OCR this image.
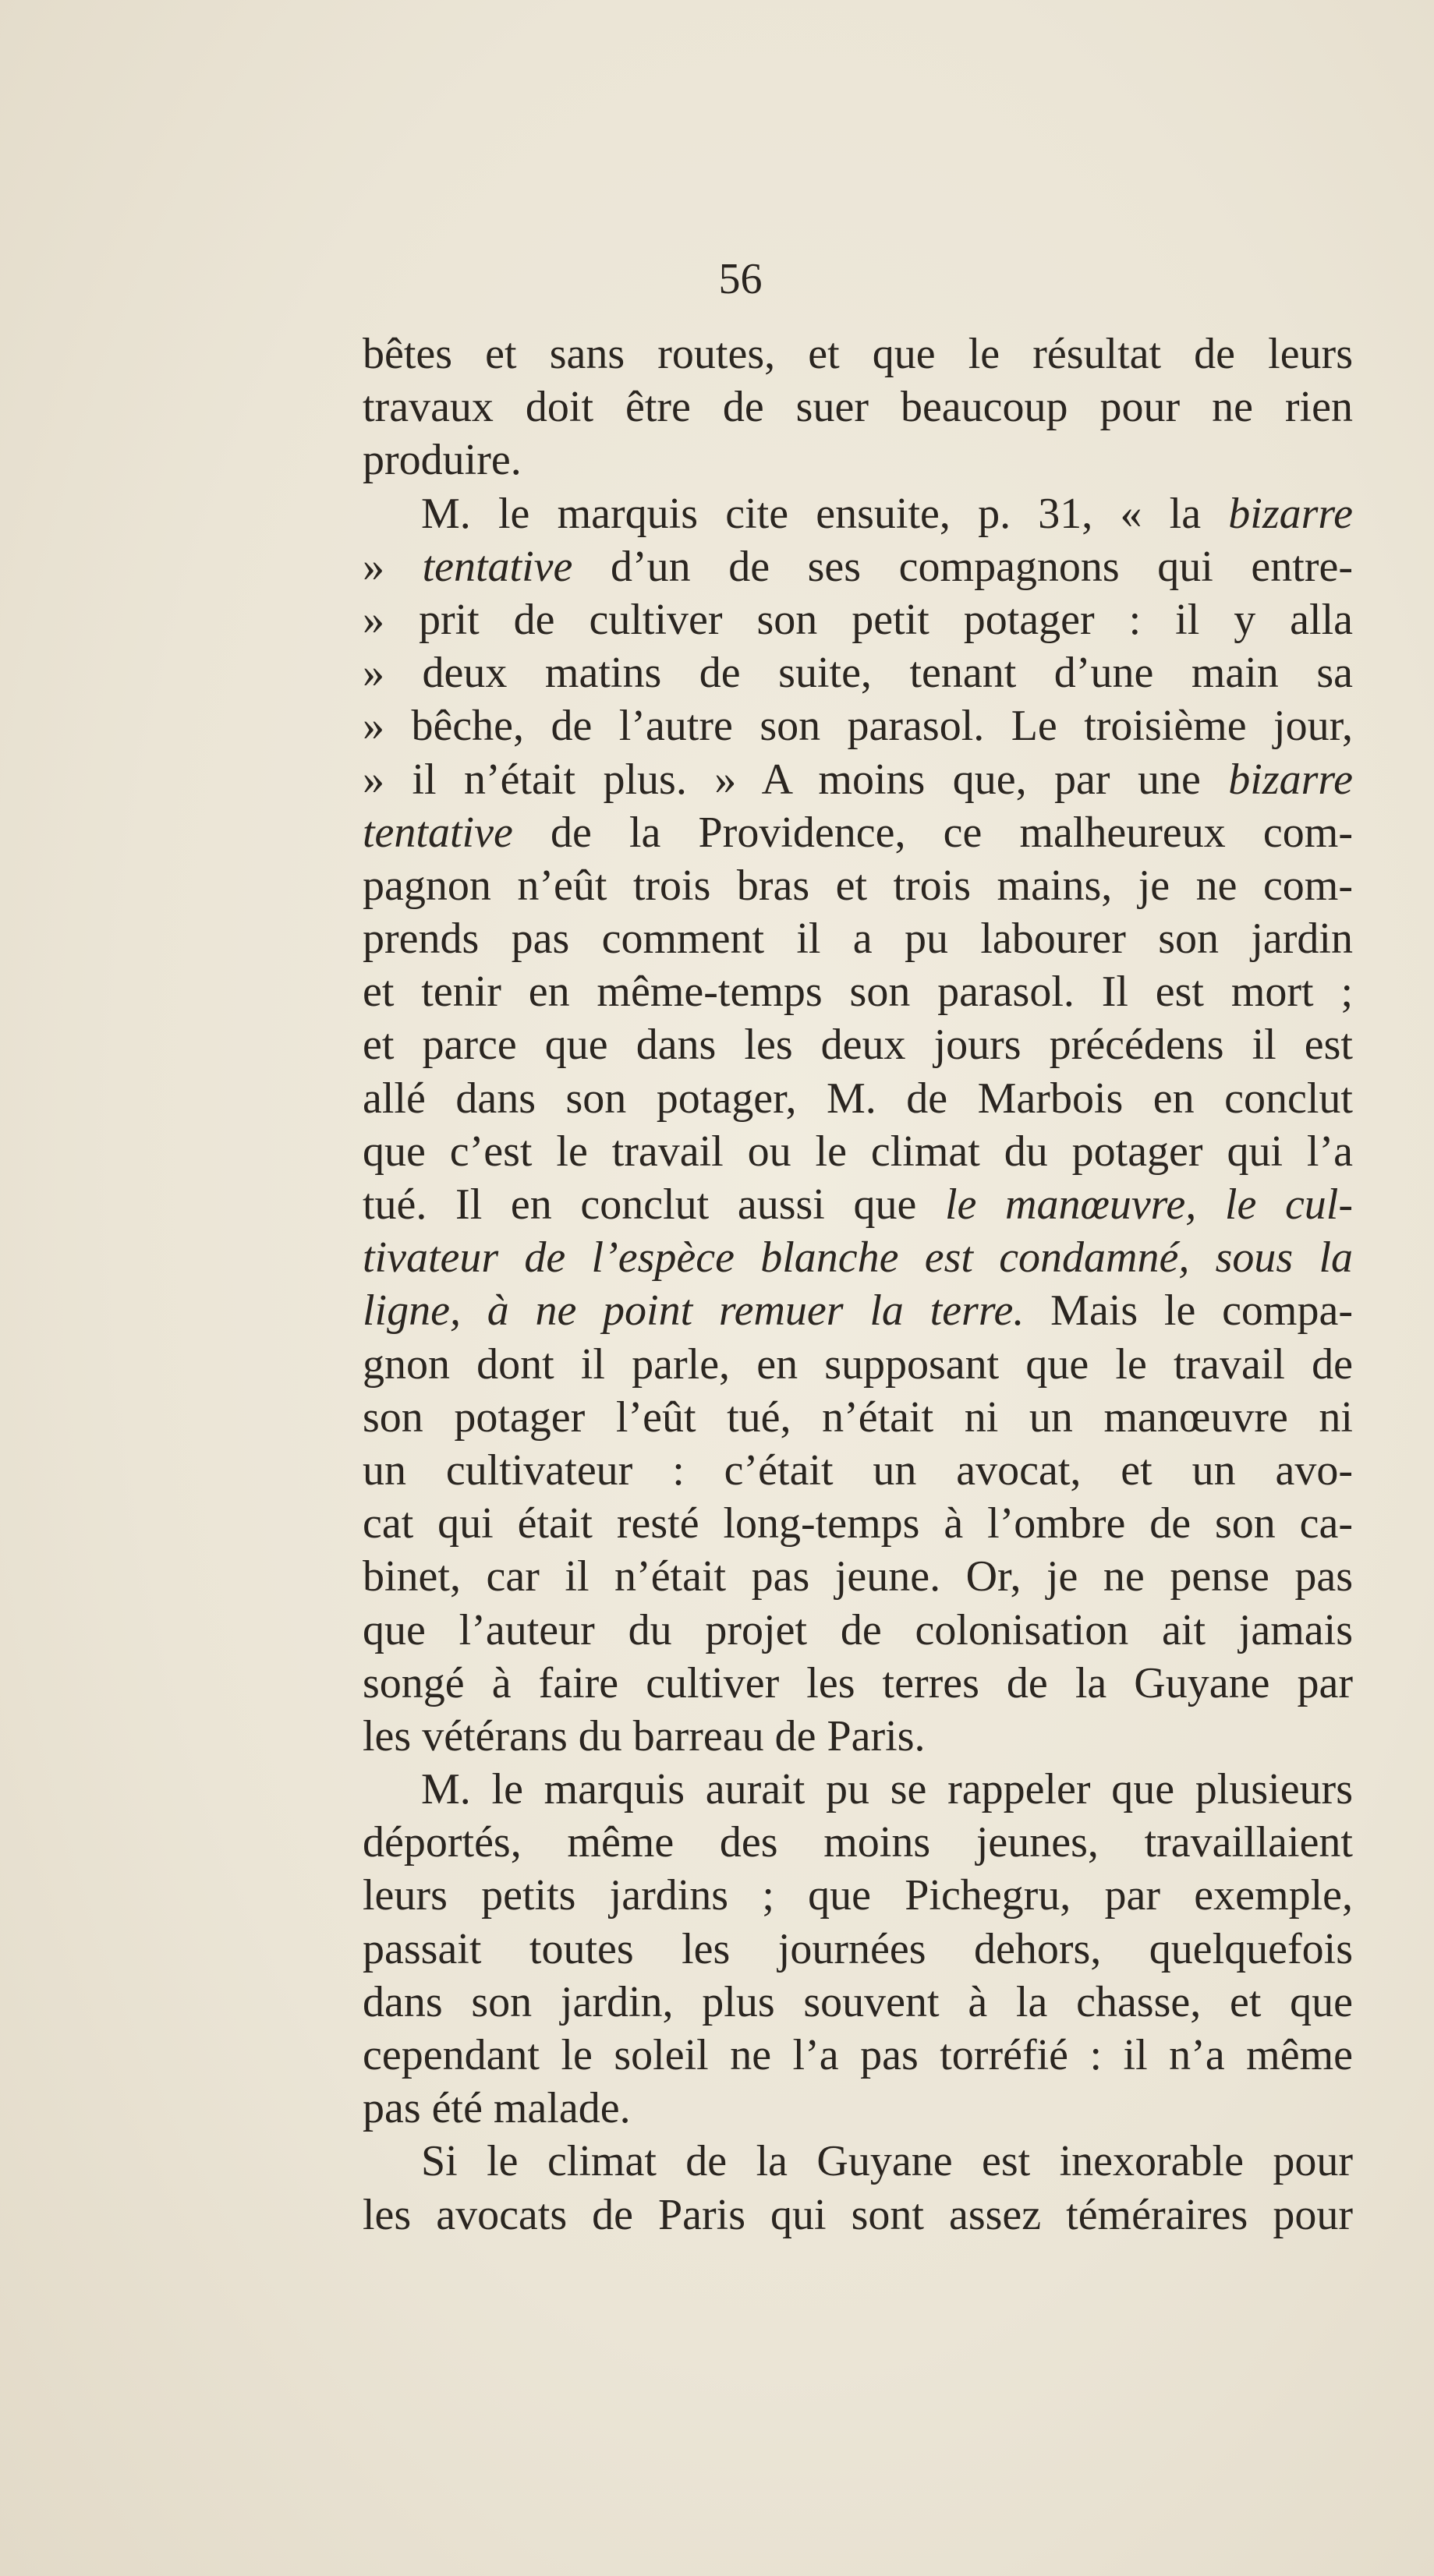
56
bêtes et sans routes, et que le résultat de leurs
travaux doit être de suer beaucoup pour ne rien
produire.
M. le marquis cite ensuite, p. 31, « la bizarre
» tentative d’un de ses compagnons qui entre-
» prit de cultiver son petit potager : il y alla
» deux matins de suite, tenant d’une main sa
» bêche, de l’autre son parasol. Le troisième jour,
» il n’était plus. » A moins que, par une bizarre
tentative de la Providence, ce malheureux com-
pagnon n’eût trois bras et trois mains, je ne com-
prends pas comment il a pu labourer son jardin
et tenir en même-temps son parasol. Il est mort ;
et parce que dans les deux jours précédens il est
allé dans son potager, M. de Marbois en conclut
que c’est le travail ou le climat du potager qui l’a
tué. Il en conclut aussi que le manœuvre, le cul-
tivateur de l’espèce blanche est condamné, sous la
ligne, à ne point remuer la terre. Mais le compa-
gnon dont il parle, en supposant que le travail de
son potager l’eût tué, n’était ni un manœuvre ni
un cultivateur : c’était un avocat, et un avo-
cat qui était resté long-temps à l’ombre de son ca-
binet, car il n’était pas jeune. Or, je ne pense pas
que l’auteur du projet de colonisation ait jamais
songé à faire cultiver les terres de la Guyane par
les vétérans du barreau de Paris.
M. le marquis aurait pu se rappeler que plusieurs
déportés, même des moins jeunes, travaillaient
leurs petits jardins ; que Pichegru, par exemple,
passait toutes les journées dehors, quelquefois
dans son jardin, plus souvent à la chasse, et que
cependant le soleil ne l’a pas torréfié : il n’a même
pas été malade.
Si le climat de la Guyane est inexorable pour
les avocats de Paris qui sont assez téméraires pour
